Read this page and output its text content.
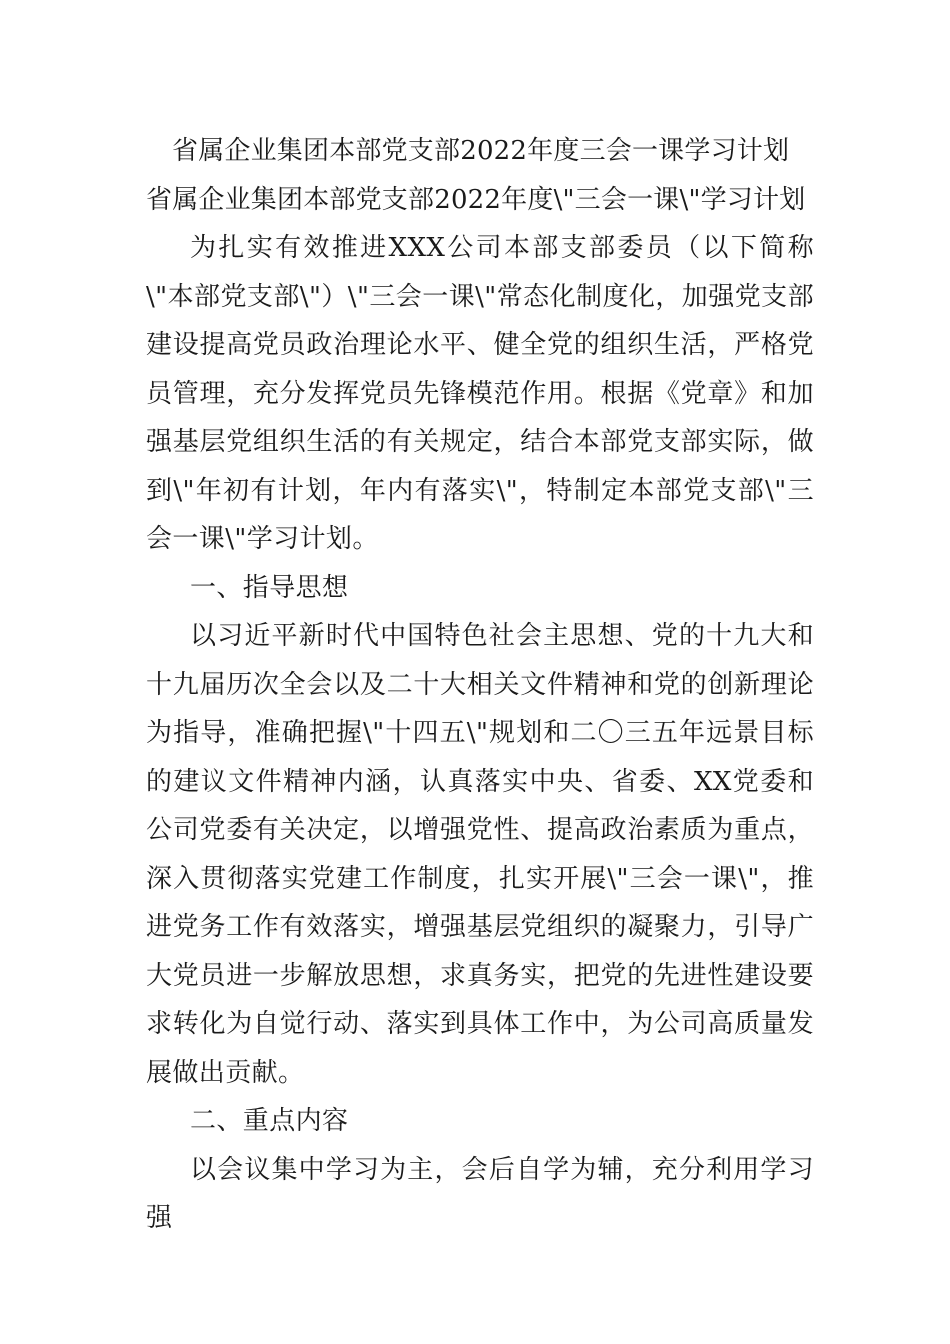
省属企业集团本部党支部2022年度三会一课学习计划

省属企业集团本部党支部2022年度\"三会一课\"学习计划

为扎实有效推进XXX公司本部支部委员（以下简称\"本部党支部\"）\"三会一课\"常态化制度化，加强党支部建设提高党员政治理论水平、健全党的组织生活，严格党员管理，充分发挥党员先锋模范作用。根据《党章》和加强基层党组织生活的有关规定，结合本部党支部实际，做到\"年初有计划，年内有落实\"，特制定本部党支部\"三会一课\"学习计划。

一、指导思想

以习近平新时代中国特色社会主思想、党的十九大和十九届历次全会以及二十大相关文件精神和党的创新理论为指导，准确把握\"十四五\"规划和二〇三五年远景目标的建议文件精神内涵，认真落实中央、省委、XX党委和公司党委有关决定，以增强党性、提高政治素质为重点，深入贯彻落实党建工作制度，扎实开展\"三会一课\"，推进党务工作有效落实，增强基层党组织的凝聚力，引导广大党员进一步解放思想，求真务实，把党的先进性建设要求转化为自觉行动、落实到具体工作中，为公司高质量发展做出贡献。

二、重点内容

以会议集中学习为主，会后自学为辅，充分利用学习强
